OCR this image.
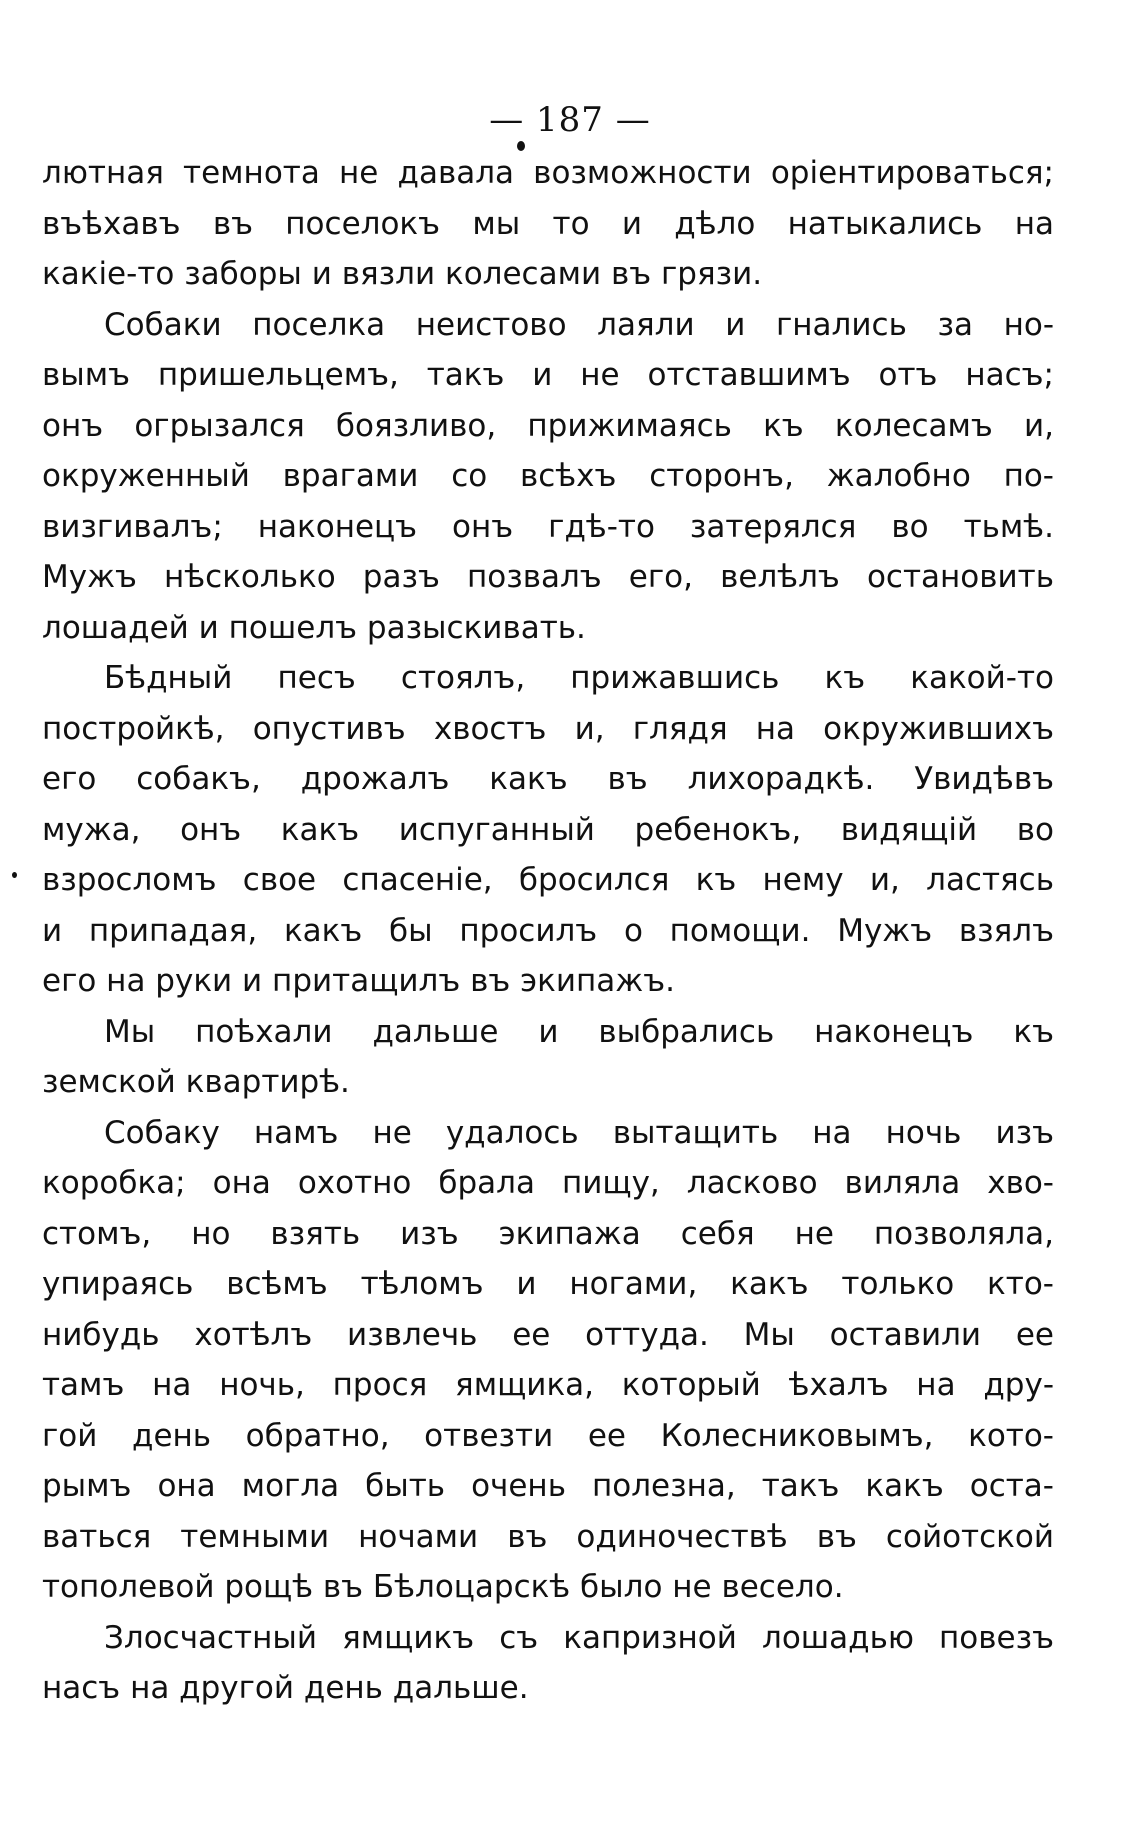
— 187 —
лютная темнота не давала возможности оріентироваться;
въѣхавъ въ поселокъ мы то и дѣло натыкались на
какіе-то заборы и вязли колесами въ грязи.
Собаки поселка неистово лаяли и гнались за но-
вымъ пришельцемъ, такъ и не отставшимъ отъ насъ;
онъ огрызался боязливо, прижимаясь къ колесамъ и,
окруженный врагами со всѣхъ сторонъ, жалобно по-
визгивалъ; наконецъ онъ гдѣ-то затерялся во тьмѣ.
Мужъ нѣсколько разъ позвалъ его, велѣлъ остановить
лошадей и пошелъ разыскивать.
Бѣдный песъ стоялъ, прижавшись къ какой-то
постройкѣ, опустивъ хвостъ и, глядя на окружившихъ
его собакъ, дрожалъ какъ въ лихорадкѣ. Увидѣвъ
мужа, онъ какъ испуганный ребенокъ, видящій во
взросломъ свое спасеніе, бросился къ нему и, ластясь
и припадая, какъ бы просилъ о помощи. Мужъ взялъ
его на руки и притащилъ въ экипажъ.
Мы поѣхали дальше и выбрались наконецъ къ
земской квартирѣ.
Собаку намъ не удалось вытащить на ночь изъ
коробка; она охотно брала пищу, ласково виляла хво-
стомъ, но взять изъ экипажа себя не позволяла,
упираясь всѣмъ тѣломъ и ногами, какъ только кто-
нибудь хотѣлъ извлечь ее оттуда. Мы оставили ее
тамъ на ночь, прося ямщика, который ѣхалъ на дру-
гой день обратно, отвезти ее Колесниковымъ, кото-
рымъ она могла быть очень полезна, такъ какъ оста-
ваться темными ночами въ одиночествѣ въ сойотской
тополевой рощѣ въ Бѣлоцарскѣ было не весело.
Злосчастный ямщикъ съ капризной лошадью повезъ
насъ на другой день дальше.
